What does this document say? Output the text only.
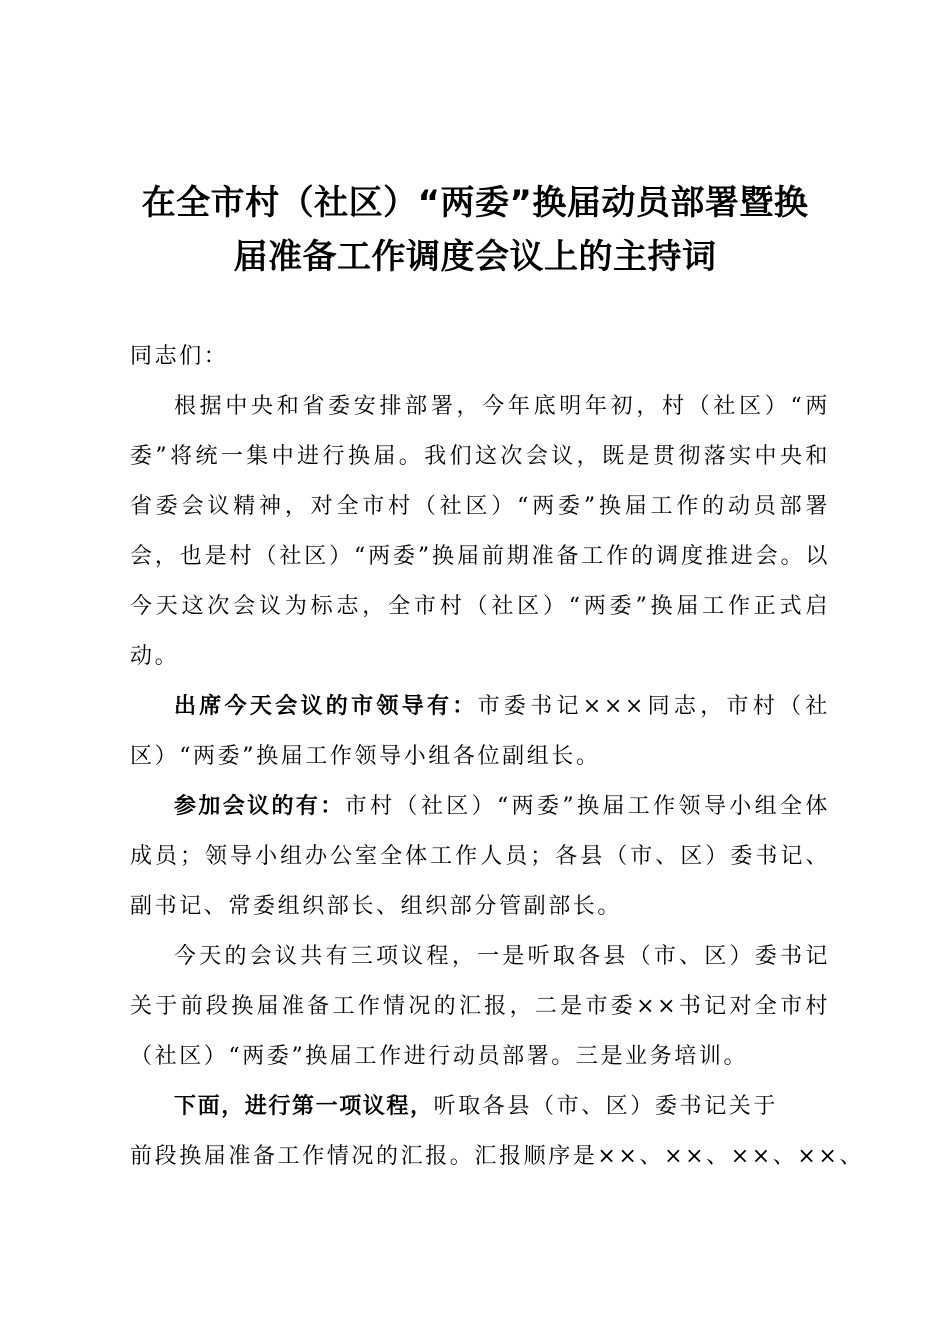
在全市村（社区）“两委”换届动员部署暨换
届准备工作调度会议上的主持词

同志们：

根据中央和省委安排部署，今年底明年初，村（社区）“两委”将统一集中进行换届。我们这次会议，既是贯彻落实中央和省委会议精神，对全市村（社区）“两委”换届工作的动员部署会，也是村（社区）“两委”换届前期准备工作的调度推进会。以今天这次会议为标志，全市村（社区）“两委”换届工作正式启动。

出席今天会议的市领导有：市委书记×××同志，市村（社区）“两委”换届工作领导小组各位副组长。

参加会议的有：市村（社区）“两委”换届工作领导小组全体成员；领导小组办公室全体工作人员；各县（市、区）委书记、副书记、常委组织部长、组织部分管副部长。

今天的会议共有三项议程，一是听取各县（市、区）委书记关于前段换届准备工作情况的汇报，二是市委××书记对全市村（社区）“两委”换届工作进行动员部署。三是业务培训。

下面，进行第一项议程，听取各县（市、区）委书记关于
前段换届准备工作情况的汇报。汇报顺序是××、××、××、××、
